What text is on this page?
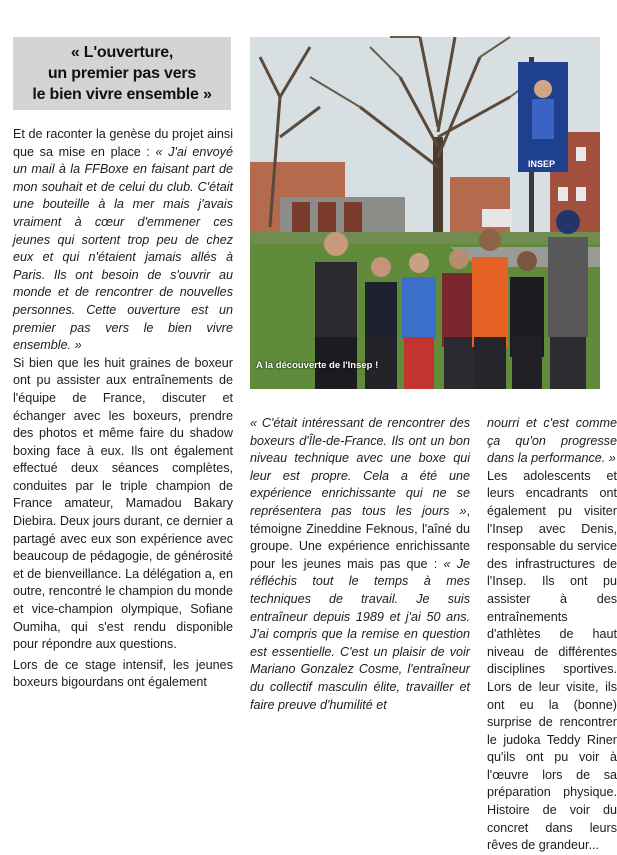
« L'ouverture,
un premier pas vers
le bien vivre ensemble »

Et de raconter la genèse du projet ainsi que sa mise en place : « J'ai envoyé un mail à la FFBoxe en faisant part de mon souhait et de celui du club. C'était une bouteille à la mer mais j'avais vraiment à cœur d'emmener ces jeunes qui sortent trop peu de chez eux et qui n'étaient jamais allés à Paris. Ils ont besoin de s'ouvrir au monde et de rencontrer de nouvelles personnes. Cette ouverture est un premier pas vers le bien vivre ensemble. »

Si bien que les huit graines de boxeur ont pu assister aux entraînements de l'équipe de France, discuter et échanger avec les boxeurs, prendre des photos et même faire du shadow boxing face à eux. Ils ont également effectué deux séances complètes, conduites par le triple champion de France amateur, Mamadou Bakary Diebira. Deux jours durant, ce dernier a partagé avec eux son expérience avec beaucoup de pédagogie, de générosité et de bienveillance. La délégation a, en outre, rencontré le champion du monde et vice-champion olympique, Sofiane Oumiha, qui s'est rendu disponible pour répondre aux questions.

Lors de ce stage intensif, les jeunes boxeurs bigourdans ont également

INSEP
A la découverte de l'Insep !

« C'était intéressant de rencontrer des boxeurs d'Île-de-France. Ils ont un bon niveau technique avec une boxe qui leur est propre. Cela a été une expérience enrichissante qui ne se représentera pas tous les jours », témoigne Zineddine Feknous, l'aîné du groupe. Une expérience enrichissante pour les jeunes mais pas que : « Je réfléchis tout le temps à mes techniques de travail. Je suis entraîneur depuis 1989 et j'ai 50 ans. J'ai compris que la remise en question est essentielle. C'est un plaisir de voir Mariano Gonzalez Cosme, l'entraîneur du collectif masculin élite, travailler et faire preuve d'humilité et

nourri et c'est comme ça qu'on progresse dans la performance. »

Les adolescents et leurs encadrants ont également pu visiter l'Insep avec Denis, responsable du service des infrastructures de l'Insep. Ils ont pu assister à des entraînements d'athlètes de haut niveau de différentes disciplines sportives. Lors de leur visite, ils ont eu la (bonne) surprise de rencontrer le judoka Teddy Riner qu'ils ont pu voir à l'œuvre lors de sa préparation physique. Histoire de voir du concret dans leurs rêves de grandeur...
